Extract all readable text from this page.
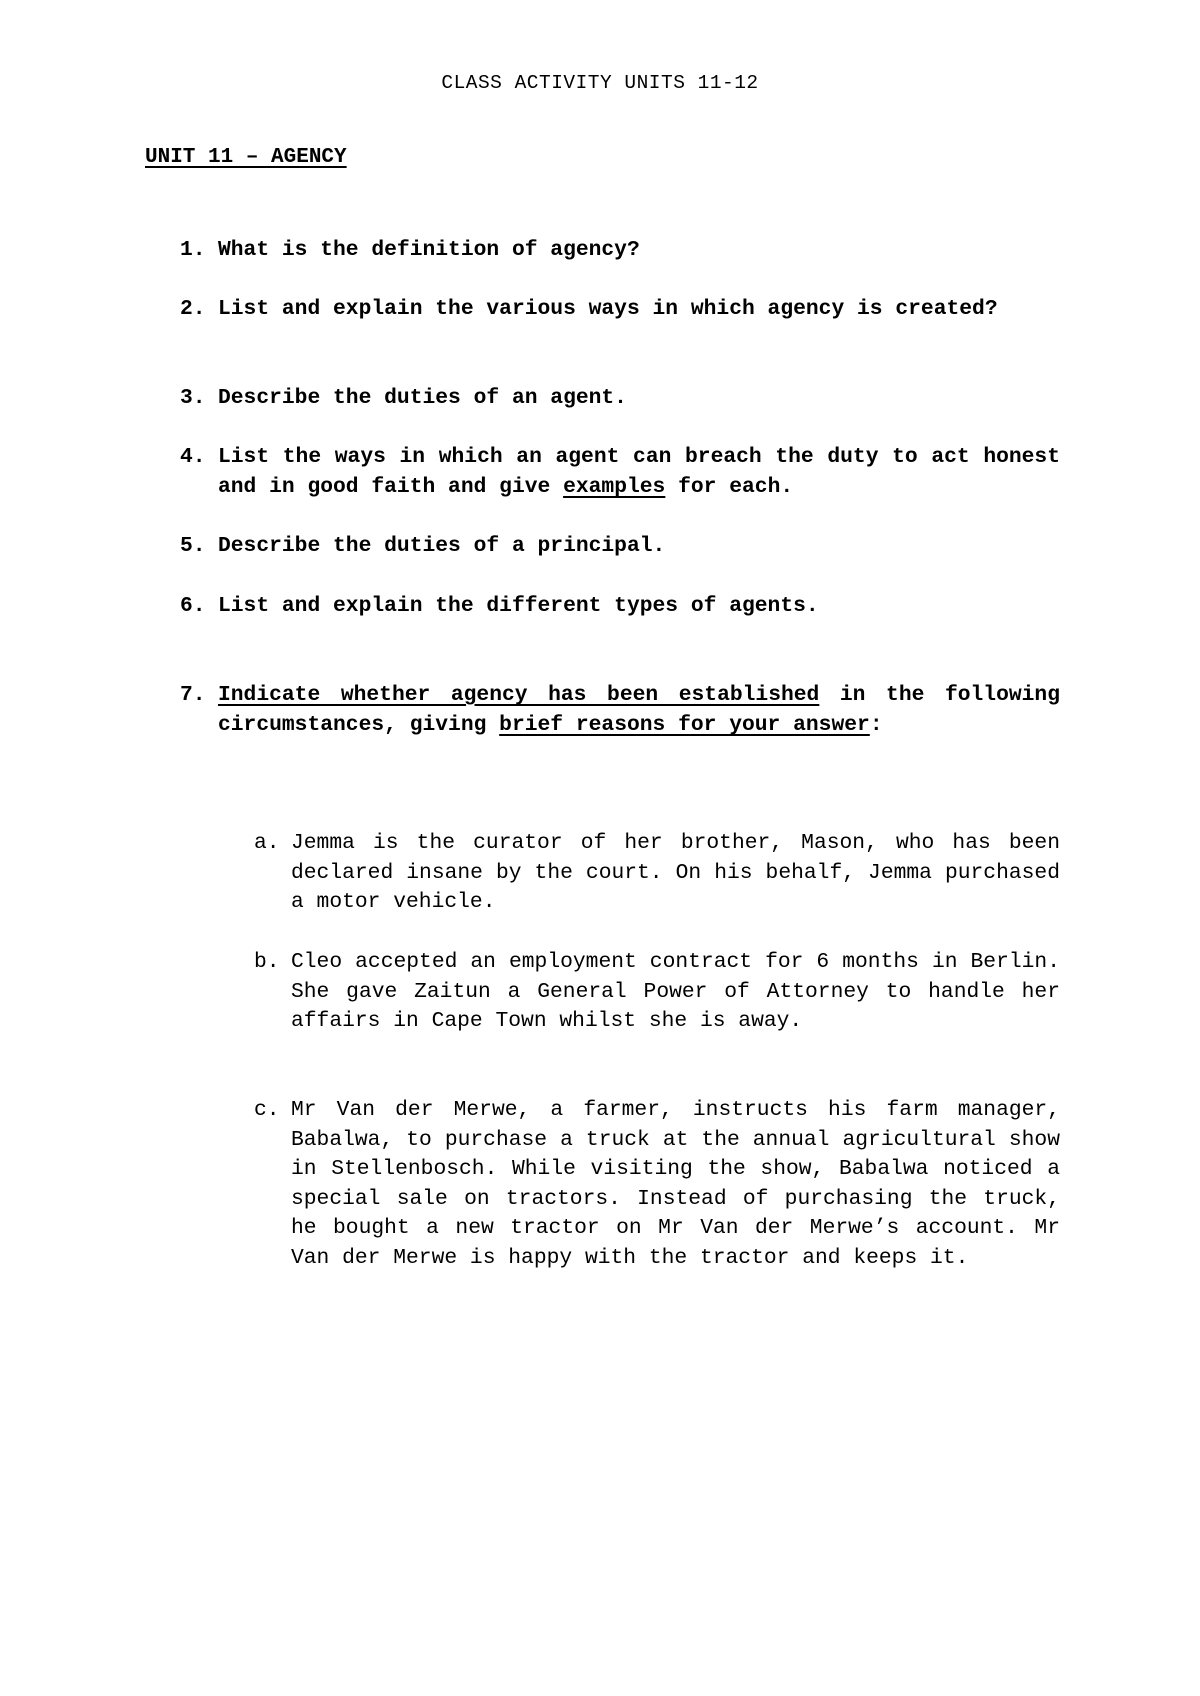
CLASS ACTIVITY UNITS 11-12
UNIT 11 – AGENCY
1. What is the definition of agency?
2. List and explain the various ways in which agency is created?
3. Describe the duties of an agent.
4. List the ways in which an agent can breach the duty to act honest and in good faith and give examples for each.
5. Describe the duties of a principal.
6. List and explain the different types of agents.
7. Indicate whether agency has been established in the following circumstances, giving brief reasons for your answer:
a. Jemma is the curator of her brother, Mason, who has been declared insane by the court. On his behalf, Jemma purchased a motor vehicle.
b. Cleo accepted an employment contract for 6 months in Berlin. She gave Zaitun a General Power of Attorney to handle her affairs in Cape Town whilst she is away.
c. Mr Van der Merwe, a farmer, instructs his farm manager, Babalwa, to purchase a truck at the annual agricultural show in Stellenbosch. While visiting the show, Babalwa noticed a special sale on tractors. Instead of purchasing the truck, he bought a new tractor on Mr Van der Merwe’s account. Mr Van der Merwe is happy with the tractor and keeps it.
